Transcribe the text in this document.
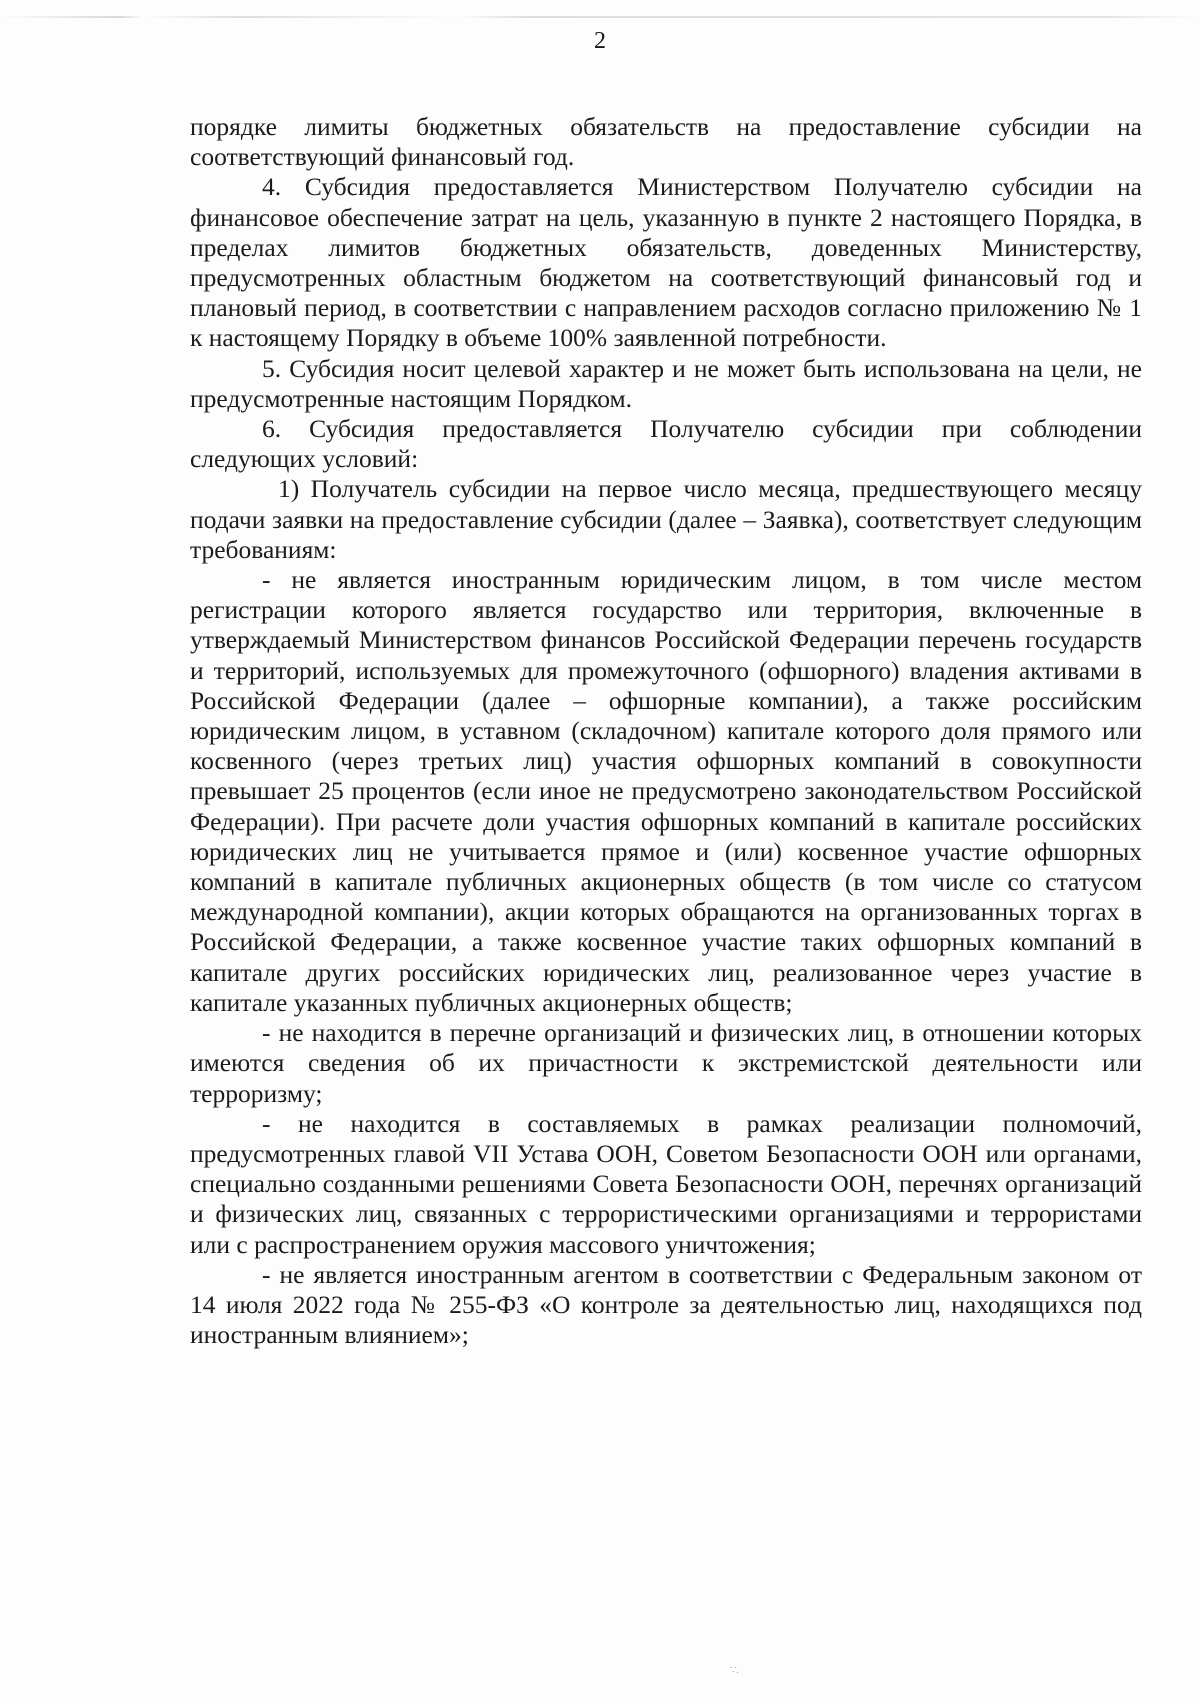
2

порядке лимиты бюджетных обязательств на предоставление субсидии на соответствующий финансовый год.

4. Субсидия предоставляется Министерством Получателю субсидии на финансовое обеспечение затрат на цель, указанную в пункте 2 настоящего Порядка, в пределах лимитов бюджетных обязательств, доведенных Министерству, предусмотренных областным бюджетом на соответствующий финансовый год и плановый период, в соответствии с направлением расходов согласно приложению № 1 к настоящему Порядку в объеме 100% заявленной потребности.

5. Субсидия носит целевой характер и не может быть использована на цели, не предусмотренные настоящим Порядком.

6. Субсидия предоставляется Получателю субсидии при соблюдении следующих условий:

1) Получатель субсидии на первое число месяца, предшествующего месяцу подачи заявки на предоставление субсидии (далее – Заявка), соответствует следующим требованиям:

- не является иностранным юридическим лицом, в том числе местом регистрации которого является государство или территория, включенные в утверждаемый Министерством финансов Российской Федерации перечень государств и территорий, используемых для промежуточного (офшорного) владения активами в Российской Федерации (далее – офшорные компании), а также российским юридическим лицом, в уставном (складочном) капитале которого доля прямого или косвенного (через третьих лиц) участия офшорных компаний в совокупности превышает 25 процентов (если иное не предусмотрено законодательством Российской Федерации). При расчете доли участия офшорных компаний в капитале российских юридических лиц не учитывается прямое и (или) косвенное участие офшорных компаний в капитале публичных акционерных обществ (в том числе со статусом международной компании), акции которых обращаются на организованных торгах в Российской Федерации, а также косвенное участие таких офшорных компаний в капитале других российских юридических лиц, реализованное через участие в капитале указанных публичных акционерных обществ;

- не находится в перечне организаций и физических лиц, в отношении которых имеются сведения об их причастности к экстремистской деятельности или терроризму;

- не находится в составляемых в рамках реализации полномочий, предусмотренных главой VII Устава ООН, Советом Безопасности ООН или органами, специально созданными решениями Совета Безопасности ООН, перечнях организаций и физических лиц, связанных с террористическими организациями и террористами или с распространением оружия массового уничтожения;

- не является иностранным агентом в соответствии с Федеральным законом от 14 июля 2022 года № 255-ФЗ «О контроле за деятельностью лиц, находящихся под иностранным влиянием»;

∵.
